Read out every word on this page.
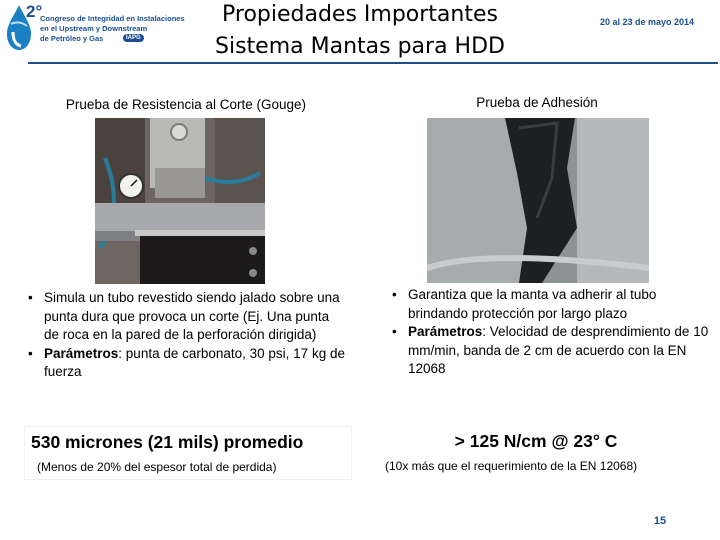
2°
Congreso de Integridad en Instalaciones
en el Upstream y Downstream
de Petróleo y Gas	IAPG
Propiedades Importantes
Sistema Mantas para HDD
20 al 23 de mayo 2014
Prueba de Resistencia al Corte (Gouge)
• Simula un tubo revestido siendo jalado sobre una punta dura que provoca un corte (Ej. Una punta de roca en la pared de la perforación dirigida)
• Parámetros: punta de carbonato, 30 psi, 17 kg de fuerza
530 micrones (21 mils) promedio
(Menos de 20% del espesor total de perdida)
Prueba de Adhesión
• Garantiza que la manta va adherir al tubo brindando protección por largo plazo
• Parámetros: Velocidad de desprendimiento de 10 mm/min, banda de 2 cm de acuerdo con la EN 12068
> 125 N/cm @ 23° C
(10x más que el requerimiento de la EN 12068)
15
